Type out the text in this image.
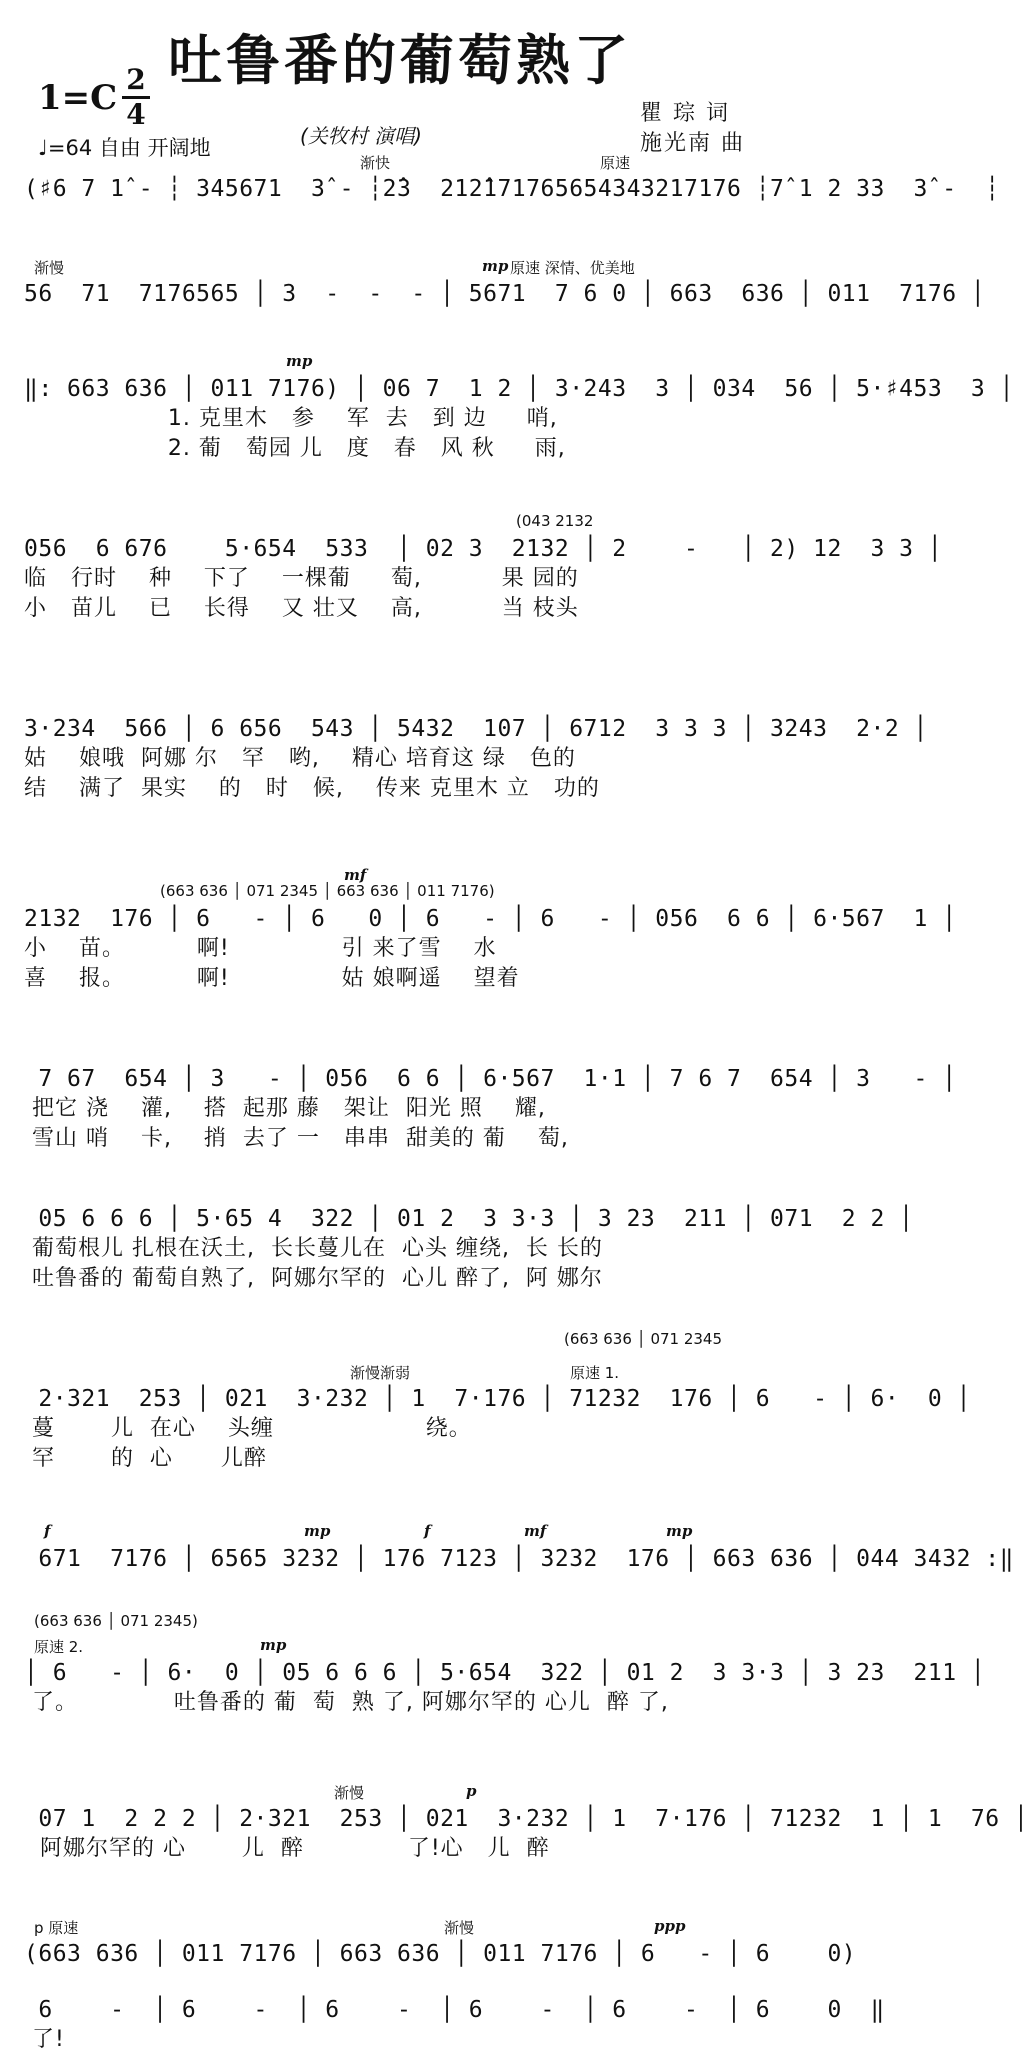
1=C 2
4
吐鲁番的葡萄熟了
(关牧村 演唱)
♩=64 自由 开阔地
瞿 琮 词
施光南 曲
渐快	原速
(♯6 7 1̂ - ┆ 345671  3̂ - ┆2̂3  212̂171765654343217176 ┆7̂ 1 2 33  3̂ -  ┆
渐慢	mp 原速 深情、优美地
56  71  7176565 │ 3  -  -  - │ 5671  7 6 0 │ 663  636 │ 011  7176 │
mp
‖: 663 636 │ 011 7176) │ 06 7  1 2 │ 3·243  3 │ 034  56 │ 5·♯453  3 │
1. 克里木   参    军  去   到 边     哨,
2. 葡   萄园 儿   度   春   风 秋     雨,
(043 2132
056  6 676    5·654  533  │ 02 3  2132 │ 2    -   │ 2) 12  3 3 │
临   行时    种    下了    一棵葡     萄,          果 园的
小   苗儿    已    长得    又 壮又    高,          当 枝头
3·234  566 │ 6 656  543 │ 5432  107 │ 6712  3 3 3 │ 3243  2·2 │
姑    娘哦  阿娜 尔   罕   哟,    精心 培育这 绿   色的
结    满了  果实    的   时   候,    传来 克里木 立   功的
(663 636 │ 071 2345 │ 663 636 │ 011 7176)
mf
2132  176 │ 6   - │ 6   0 │ 6   - │ 6   - │ 056  6 6 │ 6·567  1 │
小    苗。         啊!              引 来了雪    水
喜    报。         啊!              姑 娘啊遥    望着
7 67  654 │ 3   - │ 056  6 6 │ 6·567  1·1 │ 7 6 7  654 │ 3   - │
把它 浇    灌,    搭  起那 藤   架让  阳光 照    耀,
雪山 哨    卡,    捎  去了 一   串串  甜美的 葡    萄,
05 6 6 6 │ 5·65 4  322 │ 01 2  3 3·3 │ 3 23  211 │ 071  2 2 │
葡萄根儿 扎根在沃土,  长长蔓儿在  心头 缠绕,  长 长的
吐鲁番的 葡萄自熟了,  阿娜尔罕的  心儿 醉了,  阿 娜尔
渐慢渐弱
(663 636 │ 071 2345
原速 1.
2·321  253 │ 021  3·232 │ 1  7·176 │ 71232  176 │ 6   - │ 6·  0 │
蔓       儿  在心    头缠                   绕。
罕       的  心      儿醉
f	mp	f	mf	mp
671  7176 │ 6565 3232 │ 176 7123 │ 3232  176 │ 663 636 │ 044 3432 :‖
(663 636 │ 071 2345)
原速 2.	mp
│ 6   - │ 6·  0 │ 05 6 6 6 │ 5·654  322 │ 01 2  3 3·3 │ 3 23  211 │
了。            吐鲁番的 葡  萄  熟 了, 阿娜尔罕的 心儿  醉 了,
渐慢	p
07 1  2 2 2 │ 2·321  253 │ 021  3·232 │ 1  7·176 │ 71232  1 │ 1  76 │
阿娜尔罕的 心       儿  醉             了!心   儿  醉
p 原速	渐慢	ppp
(663 636 │ 011 7176 │ 663 636 │ 011 7176 │ 6   - │ 6    0)
6    -  │ 6    -  │ 6    -  │ 6    -  │ 6    -  │ 6    0  ‖
了!
